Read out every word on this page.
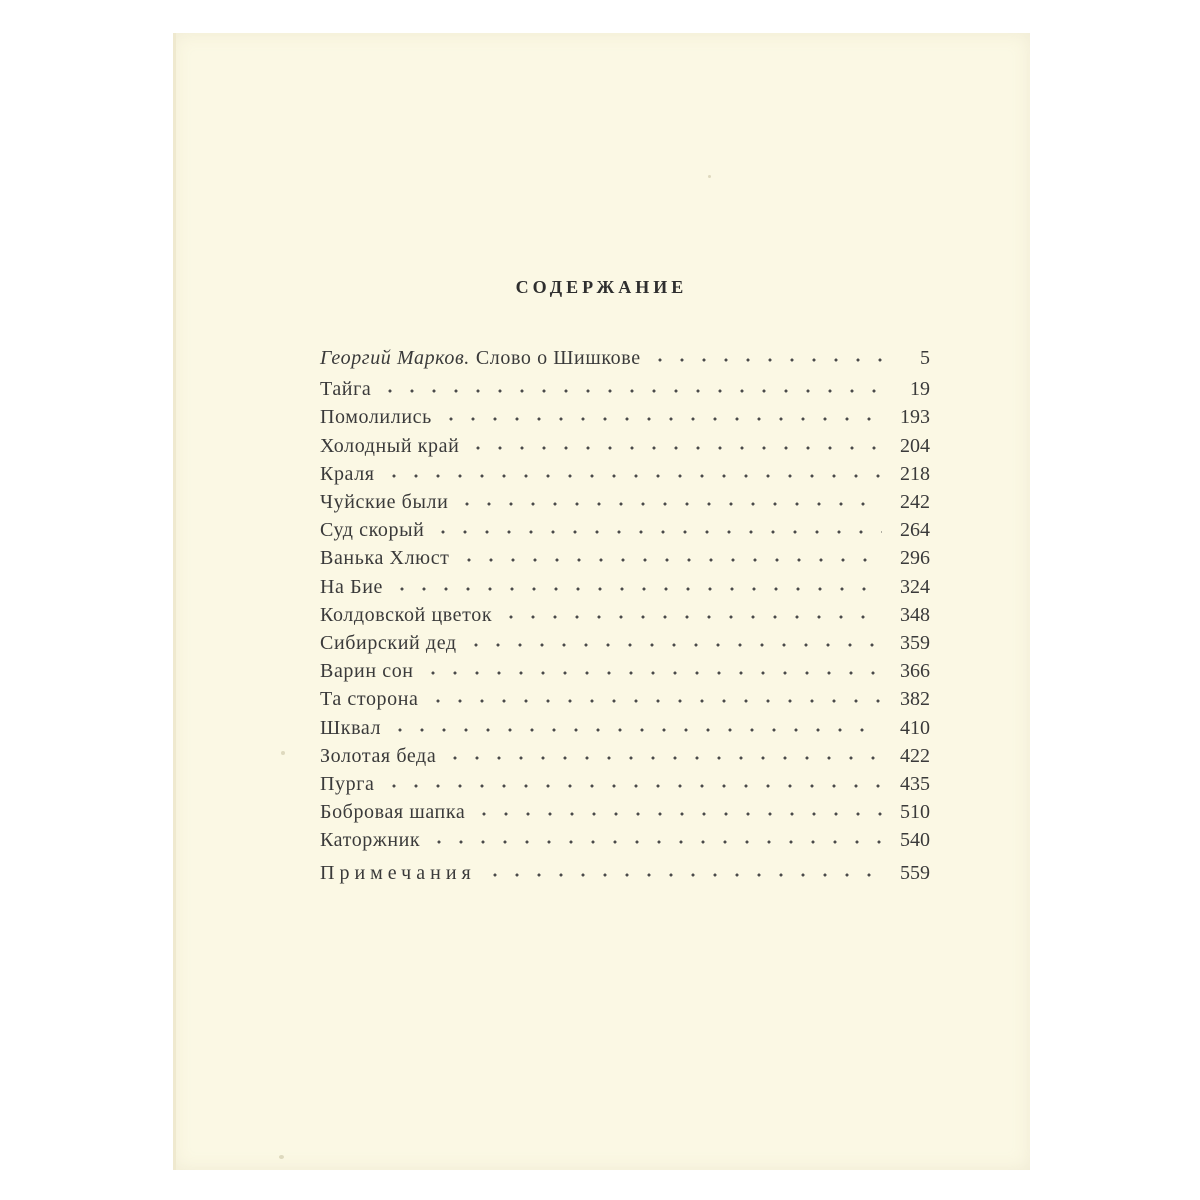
СОДЕРЖАНИЕ
Георгий Марков. Слово о Шишкове	5
Тайга	19
Помолились	193
Холодный край	204
Краля	218
Чуйские были	242
Суд скорый	264
Ванька Хлюст	296
На Бие	324
Колдовской цветок	348
Сибирский дед	359
Варин сон	366
Та сторона	382
Шквал	410
Золотая беда	422
Пурга	435
Бобровая шапка	510
Каторжник	540
Примечания	559
